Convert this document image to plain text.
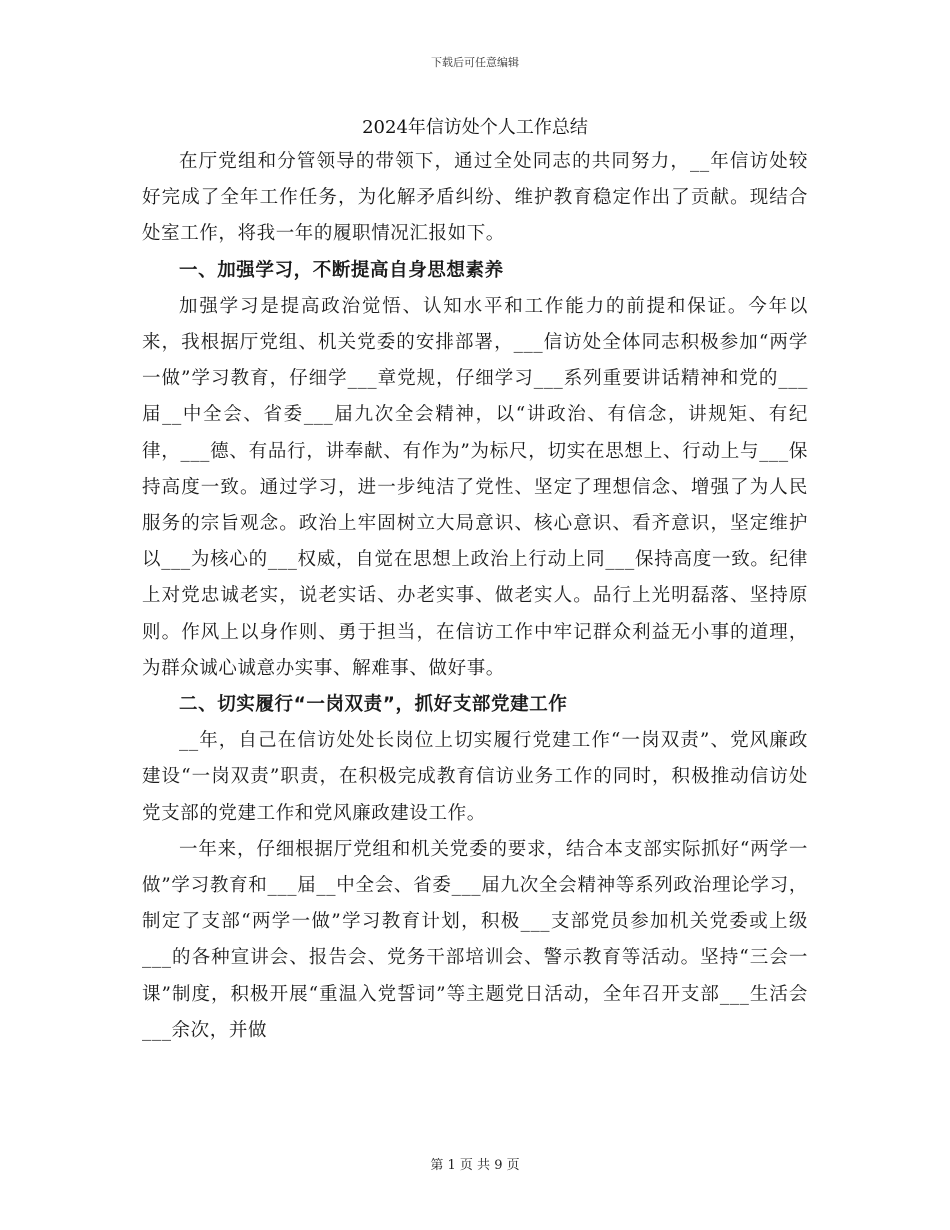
下载后可任意编辑
2024年信访处个人工作总结

在厅党组和分管领导的带领下，通过全处同志的共同努力，__年信访处较好完成了全年工作任务，为化解矛盾纠纷、维护教育稳定作出了贡献。现结合处室工作，将我一年的履职情况汇报如下。

一、加强学习，不断提高自身思想素养

加强学习是提高政治觉悟、认知水平和工作能力的前提和保证。今年以来，我根据厅党组、机关党委的安排部署，___信访处全体同志积极参加“两学一做”学习教育，仔细学___章党规，仔细学习___系列重要讲话精神和党的___届__中全会、省委___届九次全会精神，以“讲政治、有信念，讲规矩、有纪律，___德、有品行，讲奉献、有作为”为标尺，切实在思想上、行动上与___保持高度一致。通过学习，进一步纯洁了党性、坚定了理想信念、增强了为人民服务的宗旨观念。政治上牢固树立大局意识、核心意识、看齐意识，坚定维护以___为核心的___权威，自觉在思想上政治上行动上同___保持高度一致。纪律上对党忠诚老实，说老实话、办老实事、做老实人。品行上光明磊落、坚持原则。作风上以身作则、勇于担当，在信访工作中牢记群众利益无小事的道理，为群众诚心诚意办实事、解难事、做好事。

二、切实履行“一岗双责”，抓好支部党建工作

__年，自己在信访处处长岗位上切实履行党建工作“一岗双责”、党风廉政建设“一岗双责”职责，在积极完成教育信访业务工作的同时，积极推动信访处党支部的党建工作和党风廉政建设工作。

一年来，仔细根据厅党组和机关党委的要求，结合本支部实际抓好“两学一做”学习教育和___届__中全会、省委___届九次全会精神等系列政治理论学习，制定了支部“两学一做”学习教育计划，积极___支部党员参加机关党委或上级___的各种宣讲会、报告会、党务干部培训会、警示教育等活动。坚持“三会一课”制度，积极开展“重温入党誓词”等主题党日活动，全年召开支部___生活会___余次，并做

第 1 页 共 9 页
